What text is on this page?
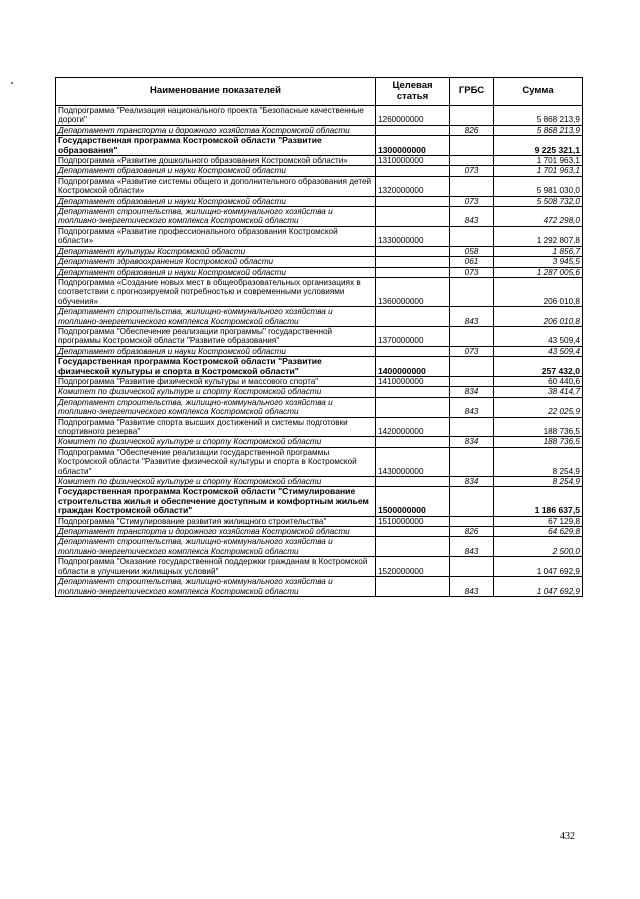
Наименование показателей	Целевая статья	ГРБС	Сумма
Подпрограмма "Реализация национального проекта "Безопасные качественные дороги"	1260000000		5 868 213,9
Департамент транспорта и дорожного хозяйства Костромской области		826	5 868 213,9
Государственная программа Костромской области "Развитие образования"	1300000000		9 225 321,1
Подпрограмма «Развитие дошкольного образования Костромской области»	1310000000		1 701 963,1
Департамент образования и науки Костромской области		073	1 701 963,1
Подпрограмма «Развитие системы общего и дополнительного образования детей Костромской области»	1320000000		5 981 030,0
Департамент образования и науки Костромской области		073	5 508 732,0
Департамент строительства, жилищно-коммунального хозяйства и топливно-энергетического комплекса Костромской области		843	472 298,0
Подпрограмма «Развитие профессионального образования Костромской области»	1330000000		1 292 807,8
Департамент культуры Костромской области		058	1 856,7
Департамент здравоохранения Костромской области		061	3 945,5
Департамент образования и науки Костромской области		073	1 287 005,6
Подпрограмма «Создание новых мест в общеобразовательных организациях в соответствии с прогнозируемой потребностью и современными условиями обучения»	1360000000		206 010,8
Департамент строительства, жилищно-коммунального хозяйства и топливно-энергетического комплекса Костромской области		843	206 010,8
Подпрограмма "Обеспечение реализации программы" государственной программы Костромской области "Развитие образования"	1370000000		43 509,4
Департамент образования и науки Костромской области		073	43 509,4
Государственная программа Костромской области "Развитие физической культуры и спорта в Костромской области"	1400000000		257 432,0
Подпрограмма "Развитие физической культуры и массового спорта"	1410000000		60 440,6
Комитет по физической культуре и спорту Костромской области		834	38 414,7
Департамент строительства, жилищно-коммунального хозяйства и топливно-энергетического комплекса Костромской области		843	22 025,9
Подпрограмма "Развитие спорта высших достижений и системы подготовки спортивного резерва"	1420000000		188 736,5
Комитет по физической культуре и спорту Костромской области		834	188 736,5
Подпрограмма "Обеспечение реализации государственной программы Костромской области "Развитие физической культуры и спорта в Костромской области"	1430000000		8 254,9
Комитет по физической культуре и спорту Костромской области		834	8 254,9
Государственная программа Костромской области "Стимулирование строительства жилья и обеспечение доступным и комфортным жильем граждан Костромской области"	1500000000		1 186 637,5
Подпрограмма "Стимулирование развития жилищного строительства"	1510000000		67 129,8
Департамент транспорта и дорожного хозяйства Костромской области		826	64 629,8
Департамент строительства, жилищно-коммунального хозяйства и топливно-энергетического комплекса Костромской области		843	2 500,0
Подпрограмма "Оказание государственной поддержки гражданам в Костромской области в улучшении жилищных условий"	1520000000		1 047 692,9
Департамент строительства, жилищно-коммунального хозяйства и топливно-энергетического комплекса Костромской области		843	1 047 692,9
432
